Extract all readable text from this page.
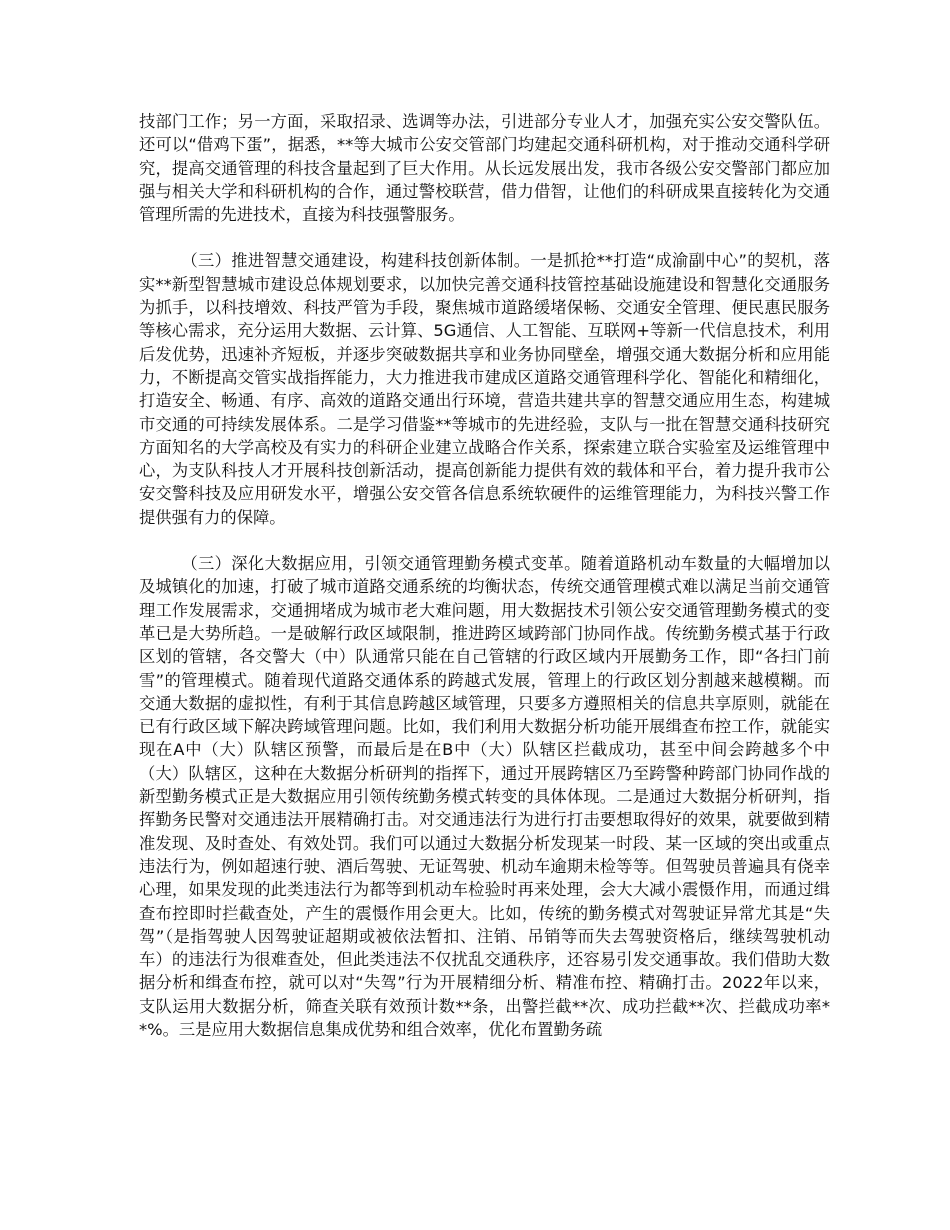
技部门工作；另一方面，采取招录、选调等办法，引进部分专业人才，加强充实公安交警队伍。还可以“借鸡下蛋”，据悉，**等大城市公安交管部门均建起交通科研机构，对于推动交通科学研究，提高交通管理的科技含量起到了巨大作用。从长远发展出发，我市各级公安交警部门都应加强与相关大学和科研机构的合作，通过警校联营，借力借智，让他们的科研成果直接转化为交通管理所需的先进技术，直接为科技强警服务。

（三）推进智慧交通建设，构建科技创新体制。一是抓抢**打造“成渝副中心”的契机，落实**新型智慧城市建设总体规划要求，以加快完善交通科技管控基础设施建设和智慧化交通服务为抓手，以科技增效、科技严管为手段，聚焦城市道路缓堵保畅、交通安全管理、便民惠民服务等核心需求，充分运用大数据、云计算、5G通信、人工智能、互联网+等新一代信息技术，利用后发优势，迅速补齐短板，并逐步突破数据共享和业务协同壁垒，增强交通大数据分析和应用能力，不断提高交管实战指挥能力，大力推进我市建成区道路交通管理科学化、智能化和精细化，打造安全、畅通、有序、高效的道路交通出行环境，营造共建共享的智慧交通应用生态，构建城市交通的可持续发展体系。二是学习借鉴**等城市的先进经验，支队与一批在智慧交通科技研究方面知名的大学高校及有实力的科研企业建立战略合作关系，探索建立联合实验室及运维管理中心，为支队科技人才开展科技创新活动，提高创新能力提供有效的载体和平台，着力提升我市公安交警科技及应用研发水平，增强公安交管各信息系统软硬件的运维管理能力，为科技兴警工作提供强有力的保障。

（三）深化大数据应用，引领交通管理勤务模式变革。随着道路机动车数量的大幅增加以及城镇化的加速，打破了城市道路交通系统的均衡状态，传统交通管理模式难以满足当前交通管理工作发展需求，交通拥堵成为城市老大难问题，用大数据技术引领公安交通管理勤务模式的变革已是大势所趋。一是破解行政区域限制，推进跨区域跨部门协同作战。传统勤务模式基于行政区划的管辖，各交警大（中）队通常只能在自己管辖的行政区域内开展勤务工作，即“各扫门前雪”的管理模式。随着现代道路交通体系的跨越式发展，管理上的行政区划分割越来越模糊。而交通大数据的虚拟性，有利于其信息跨越区域管理，只要多方遵照相关的信息共享原则，就能在已有行政区域下解决跨域管理问题。比如，我们利用大数据分析功能开展缉查布控工作，就能实现在A中（大）队辖区预警，而最后是在B中（大）队辖区拦截成功，甚至中间会跨越多个中（大）队辖区，这种在大数据分析研判的指挥下，通过开展跨辖区乃至跨警种跨部门协同作战的新型勤务模式正是大数据应用引领传统勤务模式转变的具体体现。二是通过大数据分析研判，指挥勤务民警对交通违法开展精确打击。对交通违法行为进行打击要想取得好的效果，就要做到精准发现、及时查处、有效处罚。我们可以通过大数据分析发现某一时段、某一区域的突出或重点违法行为，例如超速行驶、酒后驾驶、无证驾驶、机动车逾期未检等等。但驾驶员普遍具有侥幸心理，如果发现的此类违法行为都等到机动车检验时再来处理，会大大减小震慑作用，而通过缉查布控即时拦截查处，产生的震慑作用会更大。比如，传统的勤务模式对驾驶证异常尤其是“失驾”（是指驾驶人因驾驶证超期或被依法暂扣、注销、吊销等而失去驾驶资格后，继续驾驶机动车）的违法行为很难查处，但此类违法不仅扰乱交通秩序，还容易引发交通事故。我们借助大数据分析和缉查布控，就可以对“失驾”行为开展精细分析、精准布控、精确打击。2022年以来，支队运用大数据分析，筛查关联有效预计数**条，出警拦截**次、成功拦截**次、拦截成功率**%。三是应用大数据信息集成优势和组合效率，优化布置勤务疏
